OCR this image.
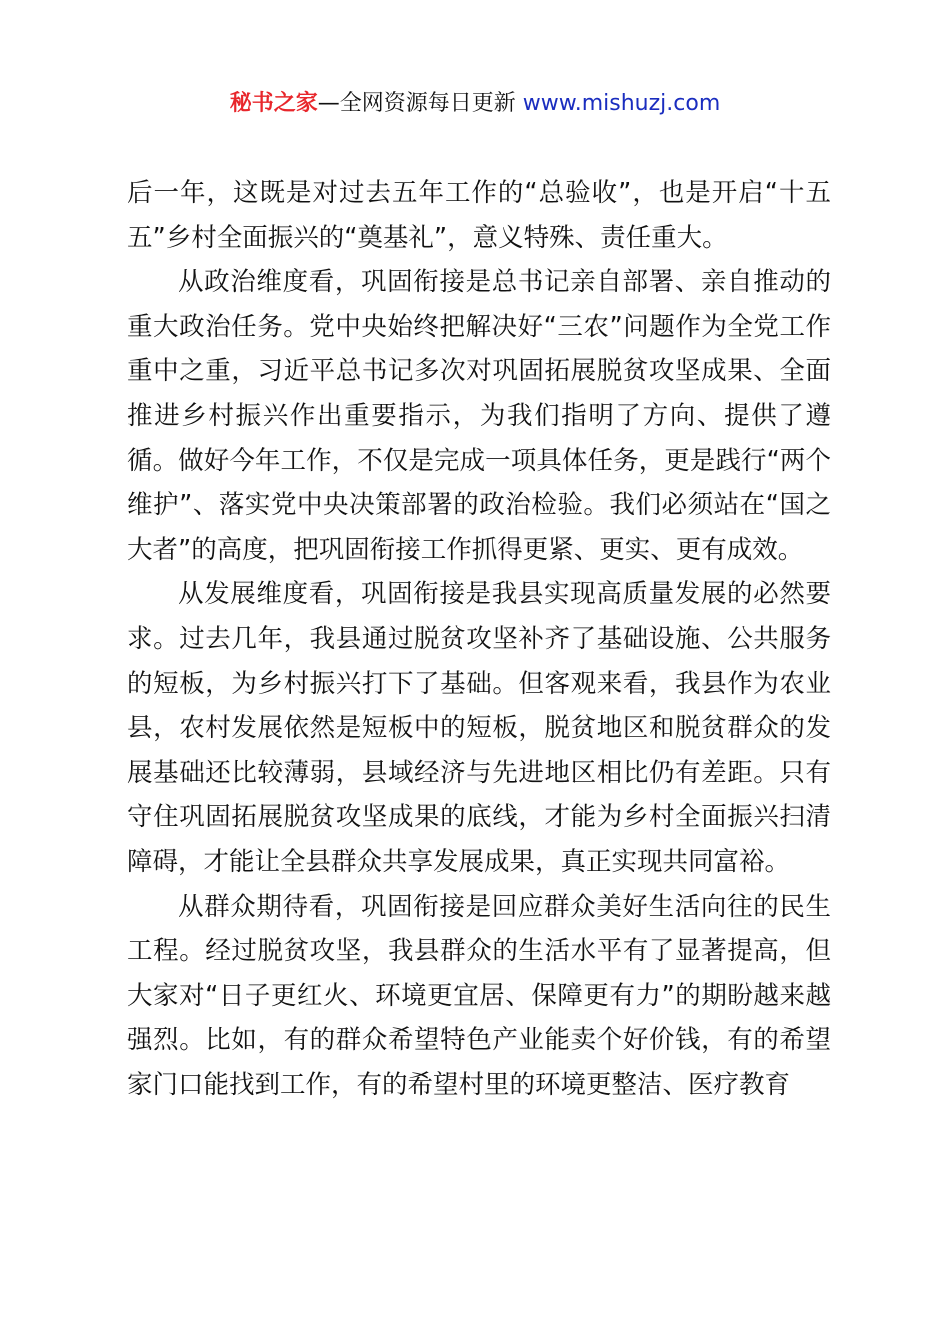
秘书之家—全网资源每日更新 www.mishuzj.com

后一年，这既是对过去五年工作的“总验收”，也是开启“十五五”乡村全面振兴的“奠基礼”，意义特殊、责任重大。

从政治维度看，巩固衔接是总书记亲自部署、亲自推动的重大政治任务。党中央始终把解决好“三农”问题作为全党工作重中之重，习近平总书记多次对巩固拓展脱贫攻坚成果、全面推进乡村振兴作出重要指示，为我们指明了方向、提供了遵循。做好今年工作，不仅是完成一项具体任务，更是践行“两个维护”、落实党中央决策部署的政治检验。我们必须站在“国之大者”的高度，把巩固衔接工作抓得更紧、更实、更有成效。

从发展维度看，巩固衔接是我县实现高质量发展的必然要求。过去几年，我县通过脱贫攻坚补齐了基础设施、公共服务的短板，为乡村振兴打下了基础。但客观来看，我县作为农业县，农村发展依然是短板中的短板，脱贫地区和脱贫群众的发展基础还比较薄弱，县域经济与先进地区相比仍有差距。只有守住巩固拓展脱贫攻坚成果的底线，才能为乡村全面振兴扫清障碍，才能让全县群众共享发展成果，真正实现共同富裕。

从群众期待看，巩固衔接是回应群众美好生活向往的民生工程。经过脱贫攻坚，我县群众的生活水平有了显著提高，但大家对“日子更红火、环境更宜居、保障更有力”的期盼越来越强烈。比如，有的群众希望特色产业能卖个好价钱，有的希望家门口能找到工作，有的希望村里的环境更整洁、医疗教育
